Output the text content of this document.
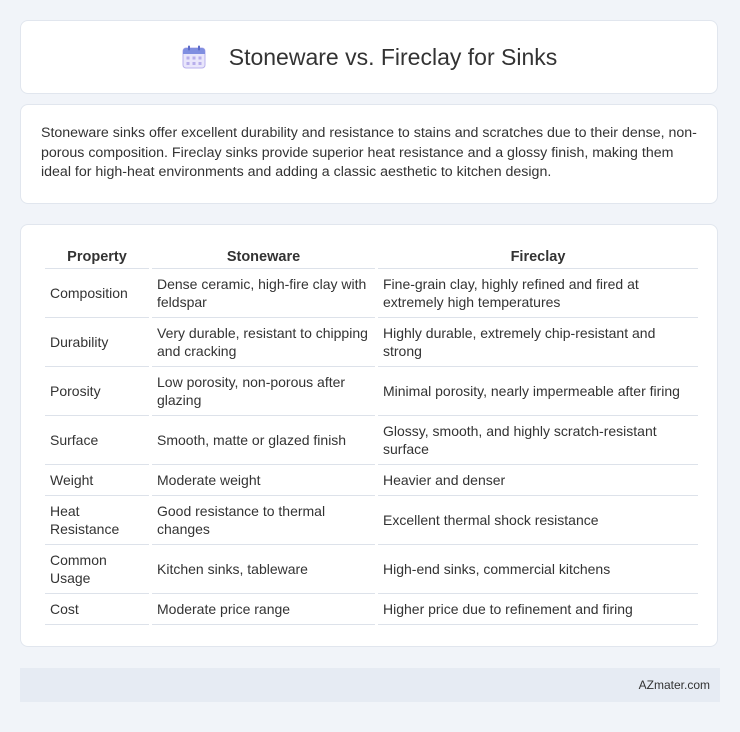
Stoneware vs. Fireclay for Sinks

Stoneware sinks offer excellent durability and resistance to stains and scratches due to their dense, non-porous composition. Fireclay sinks provide superior heat resistance and a glossy finish, making them ideal for high-heat environments and adding a classic aesthetic to kitchen design.

Property	Stoneware	Fireclay
Composition	Dense ceramic, high-fire clay with feldspar	Fine-grain clay, highly refined and fired at extremely high temperatures
Durability	Very durable, resistant to chipping and cracking	Highly durable, extremely chip-resistant and strong
Porosity	Low porosity, non-porous after glazing	Minimal porosity, nearly impermeable after firing
Surface	Smooth, matte or glazed finish	Glossy, smooth, and highly scratch-resistant surface
Weight	Moderate weight	Heavier and denser
Heat Resistance	Good resistance to thermal changes	Excellent thermal shock resistance
Common Usage	Kitchen sinks, tableware	High-end sinks, commercial kitchens
Cost	Moderate price range	Higher price due to refinement and firing
AZmater.com
